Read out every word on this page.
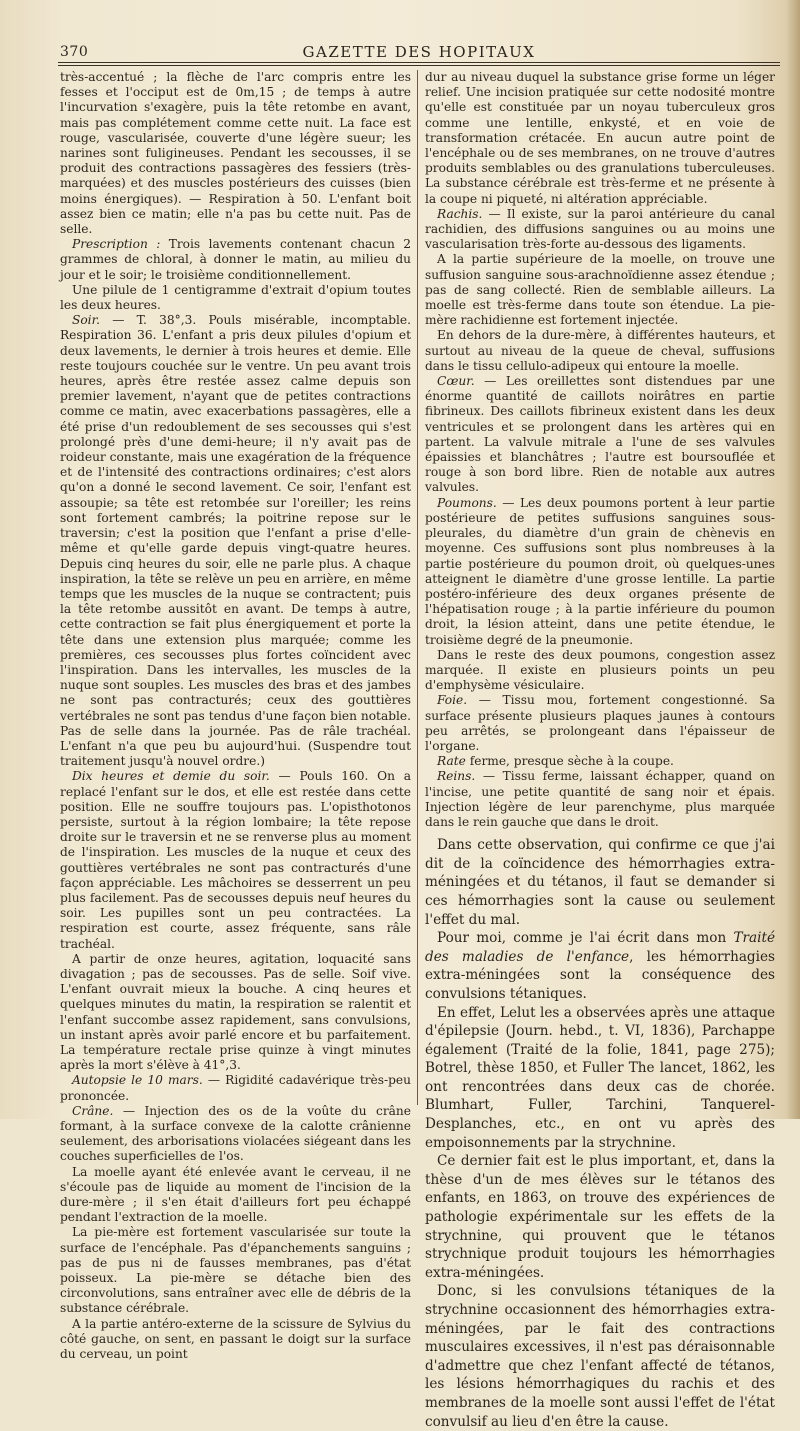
370	GAZETTE DES HOPITAUX

très-accentué ; la flèche de l'arc compris entre les fesses et l'occiput est de 0m,15 ; de temps à autre l'incurvation s'exagère, puis la tête retombe en avant, mais pas complétement comme cette nuit. La face est rouge, vascularisée, couverte d'une légère sueur; les narines sont fuligineuses. Pendant les secousses, il se produit des contractions passagères des fessiers (très-marquées) et des muscles postérieurs des cuisses (bien moins énergiques). — Respiration à 50. L'enfant boit assez bien ce matin; elle n'a pas bu cette nuit. Pas de selle.

Prescription : Trois lavements contenant chacun 2 grammes de chloral, à donner le matin, au milieu du jour et le soir; le troisième conditionnellement.

Une pilule de 1 centigramme d'extrait d'opium toutes les deux heures.

Soir. — T. 38°,3. Pouls misérable, incomptable. Respiration 36. L'enfant a pris deux pilules d'opium et deux lavements, le dernier à trois heures et demie. Elle reste toujours couchée sur le ventre. Un peu avant trois heures, après être restée assez calme depuis son premier lavement, n'ayant que de petites contractions comme ce matin, avec exacerbations passagères, elle a été prise d'un redoublement de ses secousses qui s'est prolongé près d'une demi-heure; il n'y avait pas de roideur constante, mais une exagération de la fréquence et de l'intensité des contractions ordinaires; c'est alors qu'on a donné le second lavement. Ce soir, l'enfant est assoupie; sa tête est retombée sur l'oreiller; les reins sont fortement cambrés; la poitrine repose sur le traversin; c'est la position que l'enfant a prise d'elle-même et qu'elle garde depuis vingt-quatre heures. Depuis cinq heures du soir, elle ne parle plus. A chaque inspiration, la tête se relève un peu en arrière, en même temps que les muscles de la nuque se contractent; puis la tête retombe aussitôt en avant. De temps à autre, cette contraction se fait plus énergiquement et porte la tête dans une extension plus marquée; comme les premières, ces secousses plus fortes coïncident avec l'inspiration. Dans les intervalles, les muscles de la nuque sont souples. Les muscles des bras et des jambes ne sont pas contracturés; ceux des gouttières vertébrales ne sont pas tendus d'une façon bien notable. Pas de selle dans la journée. Pas de râle trachéal. L'enfant n'a que peu bu aujourd'hui. (Suspendre tout traitement jusqu'à nouvel ordre.)

Dix heures et demie du soir. — Pouls 160. On a replacé l'enfant sur le dos, et elle est restée dans cette position. Elle ne souffre toujours pas. L'opisthotonos persiste, surtout à la région lombaire; la tête repose droite sur le traversin et ne se renverse plus au moment de l'inspiration. Les muscles de la nuque et ceux des gouttières vertébrales ne sont pas contracturés d'une façon appréciable. Les mâchoires se desserrent un peu plus facilement. Pas de secousses depuis neuf heures du soir. Les pupilles sont un peu contractées. La respiration est courte, assez fréquente, sans râle trachéal.

A partir de onze heures, agitation, loquacité sans divagation ; pas de secousses. Pas de selle. Soif vive. L'enfant ouvrait mieux la bouche. A cinq heures et quelques minutes du matin, la respiration se ralentit et l'enfant succombe assez rapidement, sans convulsions, un instant après avoir parlé encore et bu parfaitement. La température rectale prise quinze à vingt minutes après la mort s'élève à 41°,3.

Autopsie le 10 mars. — Rigidité cadavérique très-peu prononcée.

Crâne. — Injection des os de la voûte du crâne formant, à la surface convexe de la calotte crânienne seulement, des arborisations violacées siégeant dans les couches superficielles de l'os.

La moelle ayant été enlevée avant le cerveau, il ne s'écoule pas de liquide au moment de l'incision de la dure-mère ; il s'en était d'ailleurs fort peu échappé pendant l'extraction de la moelle.

La pie-mère est fortement vascularisée sur toute la surface de l'encéphale. Pas d'épanchements sanguins ; pas de pus ni de fausses membranes, pas d'état poisseux. La pie-mère se détache bien des circonvolutions, sans entraîner avec elle de débris de la substance cérébrale.

A la partie antéro-externe de la scissure de Sylvius du côté gauche, on sent, en passant le doigt sur la surface du cerveau, un point

dur au niveau duquel la substance grise forme un léger relief. Une incision pratiquée sur cette nodosité montre qu'elle est constituée par un noyau tuberculeux gros comme une lentille, enkysté, et en voie de transformation crétacée. En aucun autre point de l'encéphale ou de ses membranes, on ne trouve d'autres produits semblables ou des granulations tuberculeuses. La substance cérébrale est très-ferme et ne présente à la coupe ni piqueté, ni altération appréciable.

Rachis. — Il existe, sur la paroi antérieure du canal rachidien, des diffusions sanguines ou au moins une vascularisation très-forte au-dessous des ligaments.

A la partie supérieure de la moelle, on trouve une suffusion sanguine sous-arachnoïdienne assez étendue ; pas de sang collecté. Rien de semblable ailleurs. La moelle est très-ferme dans toute son étendue. La pie-mère rachidienne est fortement injectée.

En dehors de la dure-mère, à différentes hauteurs, et surtout au niveau de la queue de cheval, suffusions dans le tissu cellulo-adipeux qui entoure la moelle.

Cœur. — Les oreillettes sont distendues par une énorme quantité de caillots noirâtres en partie fibrineux. Des caillots fibrineux existent dans les deux ventricules et se prolongent dans les artères qui en partent. La valvule mitrale a l'une de ses valvules épaissies et blanchâtres ; l'autre est boursouflée et rouge à son bord libre. Rien de notable aux autres valvules.

Poumons. — Les deux poumons portent à leur partie postérieure de petites suffusions sanguines sous-pleurales, du diamètre d'un grain de chènevis en moyenne. Ces suffusions sont plus nombreuses à la partie postérieure du poumon droit, où quelques-unes atteignent le diamètre d'une grosse lentille. La partie postéro-inférieure des deux organes présente de l'hépatisation rouge ; à la partie inférieure du poumon droit, la lésion atteint, dans une petite étendue, le troisième degré de la pneumonie.

Dans le reste des deux poumons, congestion assez marquée. Il existe en plusieurs points un peu d'emphysème vésiculaire.

Foie. — Tissu mou, fortement congestionné. Sa surface présente plusieurs plaques jaunes à contours peu arrêtés, se prolongeant dans l'épaisseur de l'organe.

Rate ferme, presque sèche à la coupe.

Reins. — Tissu ferme, laissant échapper, quand on l'incise, une petite quantité de sang noir et épais. Injection légère de leur parenchyme, plus marquée dans le rein gauche que dans le droit.

Dans cette observation, qui confirme ce que j'ai dit de la coïncidence des hémorrhagies extra-méningées et du tétanos, il faut se demander si ces hémorrhagies sont la cause ou seulement l'effet du mal.

Pour moi, comme je l'ai écrit dans mon Traité des maladies de l'enfance, les hémorrhagies extra-méningées sont la conséquence des convulsions tétaniques.

En effet, Lelut les a observées après une attaque d'épilepsie (Journ. hebd., t. VI, 1836), Parchappe également (Traité de la folie, 1841, page 275); Botrel, thèse 1850, et Fuller The lancet, 1862, les ont rencontrées dans deux cas de chorée. Blumhart, Fuller, Tarchini, Tanquerel-Desplanches, etc., en ont vu après des empoisonnements par la strychnine.

Ce dernier fait est le plus important, et, dans la thèse d'un de mes élèves sur le tétanos des enfants, en 1863, on trouve des expériences de pathologie expérimentale sur les effets de la strychnine, qui prouvent que le tétanos strychnique produit toujours les hémorrhagies extra-méningées.

Donc, si les convulsions tétaniques de la strychnine occasionnent des hémorrhagies extra-méningées, par le fait des contractions musculaires excessives, il n'est pas déraisonnable d'admettre que chez l'enfant affecté de tétanos, les lésions hémorrhagiques du rachis et des membranes de la moelle sont aussi l'effet de l'état convulsif au lieu d'en être la cause.
